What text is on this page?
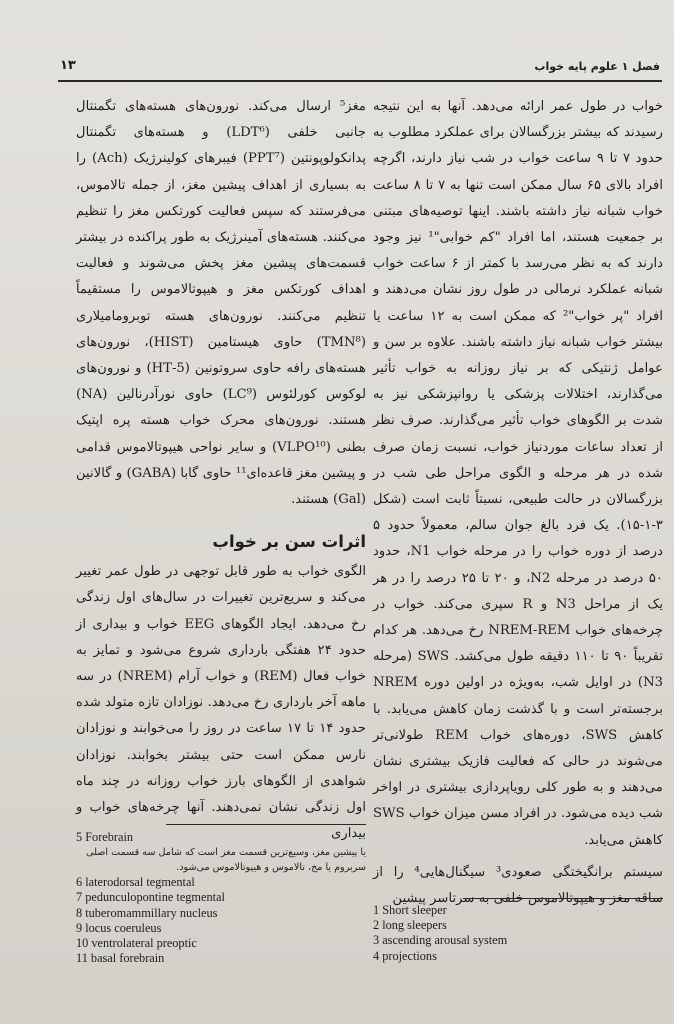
فصل ۱ علوم پایه خواب
۱۳

خواب در طول عمر ارائه می‌دهد. آنها به این نتیجه رسیدند که بیشتر بزرگسالان برای عملکرد مطلوب به حدود ۷ تا ۹ ساعت خواب در شب نیاز دارند، اگرچه افراد بالای ۶۵ سال ممکن است تنها به ۷ تا ۸ ساعت خواب شبانه نیاز داشته باشند. اینها توصیه‌های مبتنی بر جمعیت هستند، اما افراد "کم خوابی"¹ نیز وجود دارند که به نظر می‌رسد با کمتر از ۶ ساعت خواب شبانه عملکرد نرمالی در طول روز نشان می‌دهند و افراد "پر خواب"² که ممکن است به ۱۲ ساعت یا بیشتر خواب شبانه نیاز داشته باشند. علاوه بر سن و عوامل ژنتیکی که بر نیاز روزانه به خواب تأثیر می‌گذارند، اختلالات پزشکی یا روانپزشکی نیز به شدت بر الگوهای خواب تأثیر می‌گذارند. صرف نظر از تعداد ساعات موردنیاز خواب، نسبت زمان صرف شده در هر مرحله و الگوی مراحل طی شب در بزرگسالان در حالت طبیعی، نسبتاً ثابت است (شکل ۳-۱-۱۵). یک فرد بالغ جوان سالم، معمولاً حدود ۵ درصد از دوره خواب را در مرحله خواب N1، حدود ۵۰ درصد در مرحله N2، و ۲۰ تا ۲۵ درصد را در هر یک از مراحل N3 و R سپری می‌کند. خواب در چرخه‌های خواب NREM-REM رخ می‌دهد. هر کدام تقریباً ۹۰ تا ۱۱۰ دقیقه طول می‌کشد. SWS (مرحله N3) در اوایل شب، به‌ویژه در اولین دوره NREM برجسته‌تر است و با گذشت زمان کاهش می‌یابد. با کاهش SWS، دوره‌های خواب REM طولانی‌تر می‌شوند در حالی که فعالیت فازیک بیشتری نشان می‌دهند و به طور کلی رویاپردازی بیشتری در اواخر شب دیده می‌شود. در افراد مسن میزان خواب SWS کاهش می‌یابد.

سیستم برانگیختگی صعودی³ سیگنال‌هایی⁴ را از ساقه مغز و هیپوتالاموس خلفی به سرتاسر پیشین

مغز⁵ ارسال می‌کند. نورون‌های هسته‌های تگمنتال جانبی خلفی (LDT⁶) و هسته‌های تگمنتال پدانکولوپونتین (PPT⁷) فیبرهای کولینرژیک (Ach) را به بسیاری از اهداف پیشین مغز، از جمله تالاموس، می‌فرستند که سپس فعالیت کورتکس مغز را تنظیم می‌کنند. هسته‌های آمینرژیک به طور پراکنده در بیشتر قسمت‌های پیشین مغز پخش می‌شوند و فعالیت اهداف کورتکس مغز و هیپوتالاموس را مستقیماً تنظیم می‌کنند. نورون‌های هسته توبرومامیلاری (TMN⁸) حاوی هیستامین (HIST)، نورون‌های هسته‌های رافه حاوی سروتونین (5-HT) و نورون‌های لوکوس کورلئوس (LC⁹) حاوی نورآدرنالین (NA) هستند. نورون‌های محرک خواب هسته پره اپتیک بطنی (VLPO¹⁰) و سایر نواحی هیپوتالاموس قدامی و پیشین مغز قاعده‌ای¹¹ حاوی گابا (GABA) و گالانین (Gal) هستند.

اثرات سن بر خواب

الگوی خواب به طور قابل توجهی در طول عمر تغییر می‌کند و سریع‌ترین تغییرات در سال‌های اول زندگی رخ می‌دهد. ایجاد الگوهای EEG خواب و بیداری از حدود ۲۴ هفتگی بارداری شروع می‌شود و تمایز به خواب فعال (REM) و خواب آرام (NREM) در سه ماهه آخر بارداری رخ می‌دهد. نوزادان تازه متولد شده حدود ۱۴ تا ۱۷ ساعت در روز را می‌خوابند و نوزادان نارس ممکن است حتی بیشتر بخوابند. نوزادان شواهدی از الگوهای بارز خواب روزانه در چند ماه اول زندگی نشان نمی‌دهند. آنها چرخه‌های خواب و بیداری

5 Forebrain
یا پیشین مغز، وسیع‌ترین قسمت مغز است که شامل سه قسمت اصلی سربروم یا مخ، تالاموس و هیپوتالاموس می‌شود.
6 laterodorsal tegmental
7 pedunculopontine tegmental
8 tuberomammillary nucleus
9 locus coeruleus
10 ventrolateral preoptic
11 basal forebrain
1 Short sleeper
2 long sleepers
3 ascending arousal system
4 projections
